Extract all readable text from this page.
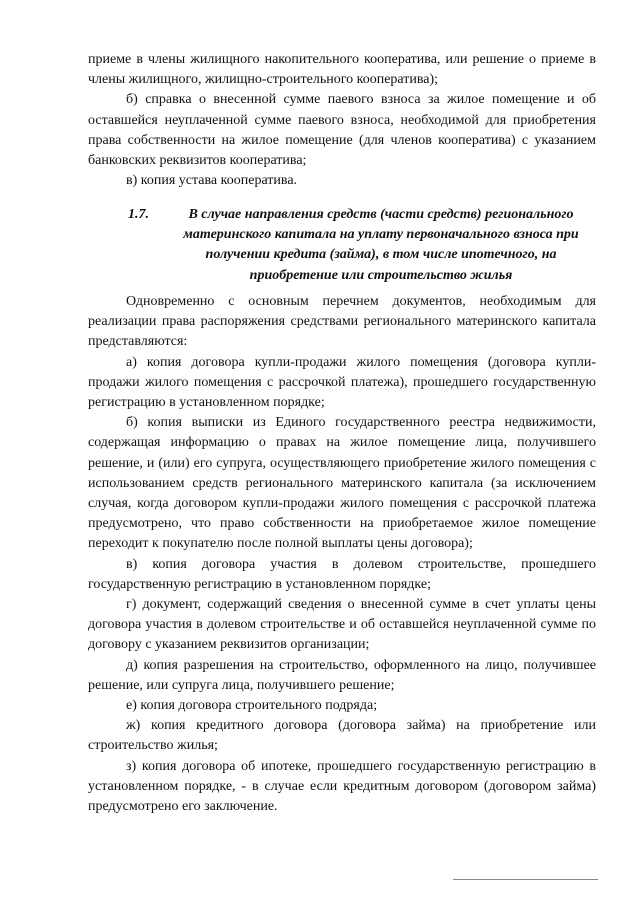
приеме в члены жилищного накопительного кооператива, или решение о приеме в члены жилищного, жилищно-строительного кооператива);

б) справка о внесенной сумме паевого взноса за жилое помещение и об оставшейся неуплаченной сумме паевого взноса, необходимой для приобретения права собственности на жилое помещение (для членов кооператива) с указанием банковских реквизитов кооператива;

в) копия устава кооператива.

1.7.	В случае направления средств (части средств) регионального материнского капитала на уплату первоначального взноса при получении кредита (займа), в том числе ипотечного, на приобретение или строительство жилья

Одновременно с основным перечнем документов, необходимым для реализации права распоряжения средствами регионального материнского капитала представляются:

а) копия договора купли-продажи жилого помещения (договора купли-продажи жилого помещения с рассрочкой платежа), прошедшего государственную регистрацию в установленном порядке;

б) копия выписки из Единого государственного реестра недвижимости, содержащая информацию о правах на жилое помещение лица, получившего решение, и (или) его супруга, осуществляющего приобретение жилого помещения с использованием средств регионального материнского капитала (за исключением случая, когда договором купли-продажи жилого помещения с рассрочкой платежа предусмотрено, что право собственности на приобретаемое жилое помещение переходит к покупателю после полной выплаты цены договора);

в) копия договора участия в долевом строительстве, прошедшего государственную регистрацию в установленном порядке;

г) документ, содержащий сведения о внесенной сумме в счет уплаты цены договора участия в долевом строительстве и об оставшейся неуплаченной сумме по договору с указанием реквизитов организации;

д) копия разрешения на строительство, оформленного на лицо, получившее решение, или супруга лица, получившего решение;

е) копия договора строительного подряда;

ж) копия кредитного договора (договора займа) на приобретение или строительство жилья;

з) копия договора об ипотеке, прошедшего государственную регистрацию в установленном порядке, - в случае если кредитным договором (договором займа) предусмотрено его заключение.
